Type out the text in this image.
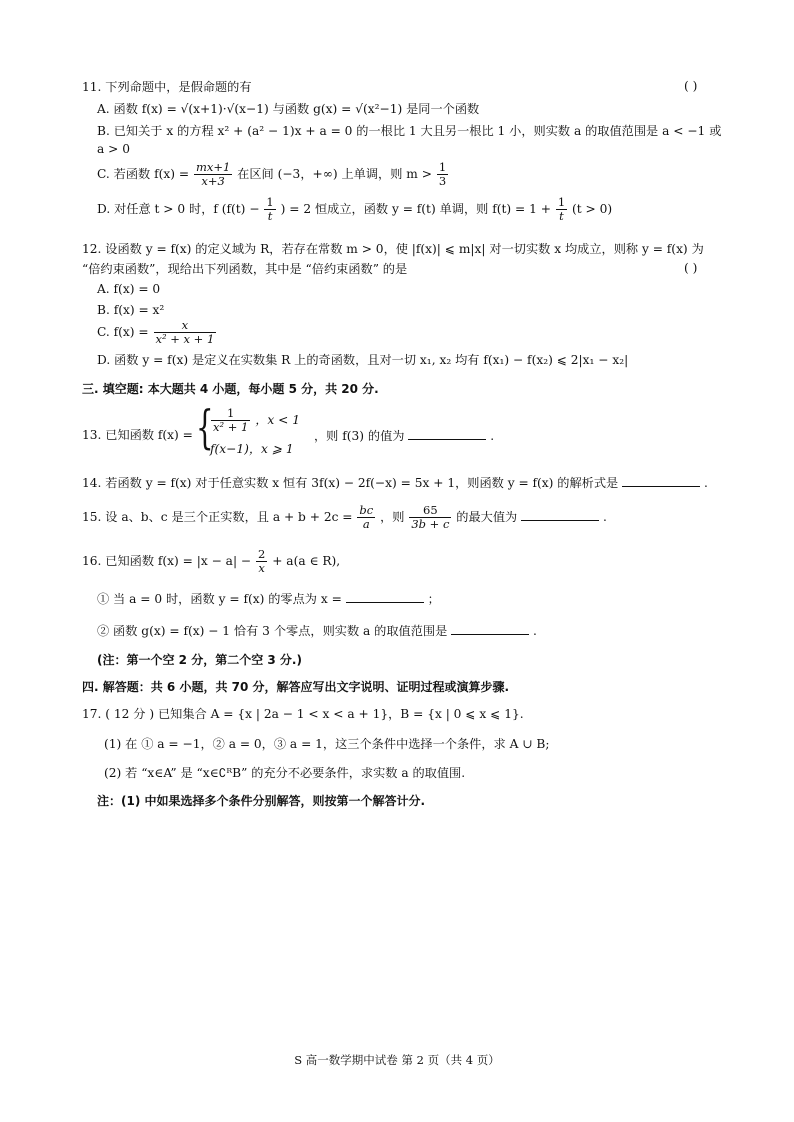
11. 下列命题中，是假命题的有	( )
A. 函数 f(x) = √(x+1)·√(x−1) 与函数 g(x) = √(x²−1) 是同一个函数
B. 已知关于 x 的方程 x² + (a² − 1)x + a = 0 的一根比 1 大且另一根比 1 小，则实数 a 的取值范围是 a < −1 或
a > 0
C. 若函数 $f(x) = \frac{mx+1}{x+3}$ 在区间 (−3，+∞) 上单调，则 $m > \frac{1}{3}$
D. 对任意 t > 0 时，f ($f(t) - \frac{1}{t}$ ) = 2 恒成立，函数 y = f(t) 单调，则 $f(t) = 1 + \frac{1}{t} (t > 0)$
12. 设函数 y = f(x) 的定义域为 R，若存在常数 m > 0，使 |f(x)| ⩽ m|x| 对一切实数 x 均成立，则称 y = f(x) 为
“倍约束函数”，现给出下列函数，其中是 “倍约束函数” 的是	( )
A. f(x) = 0
B. f(x) = x²
C. $f(x) = \frac{x}{\text{x² + x + 1}}$
D. 函数 y = f(x) 是定义在实数集 R 上的奇函数，且对一切 x₁, x₂ 均有 f(x₁) − f(x₂) ⩽ 2|x₁ − x₂|
三. 填空题: 本大题共 4 小题，每小题 5 分，共 20 分.
13. 已知函数 f(x) = {
$\frac{1}{\text{x² + 1}}$ ，x < 1
f(x−1)，x ⩾ 1
，则 f(3) 的值为	.
14. 若函数 y = f(x) 对于任意实数 x 恒有 3f(x) − 2f(−x) = 5x + 1，则函数 y = f(x) 的解析式是	.
15. 设 a、b、c 是三个正实数，且 $a + b + 2c = \frac{bc}{a}$ ，则 $\frac{65}{3b + c}$ 的最大值为	.
16. 已知函数 $f(x) = |x - a| - \frac{2}{x} + a(a$ ∈ R),
① 当 a = 0 时，函数 y = f(x) 的零点为 x =	；
② 函数 g(x) = f(x) − 1 恰有 3 个零点，则实数 a 的取值范围是	.
(注：第一个空 2 分，第二个空 3 分.)
四. 解答题：共 6 小题，共 70 分，解答应写出文字说明、证明过程或演算步骤.
17. ( 12 分 ) 已知集合 A = {x | 2a − 1 < x < a + 1}，B = {x | 0 ⩽ x ⩽ 1}.
(1) 在 ① a = −1，② a = 0，③ a = 1，这三个条件中选择一个条件，求 A ∪ B;
(2) 若 “x∈A” 是 “x∈∁ᴿB” 的充分不必要条件，求实数 a 的取值围.
注：(1) 中如果选择多个条件分别解答，则按第一个解答计分.
S 高一数学期中试卷 第 2 页（共 4 页）
